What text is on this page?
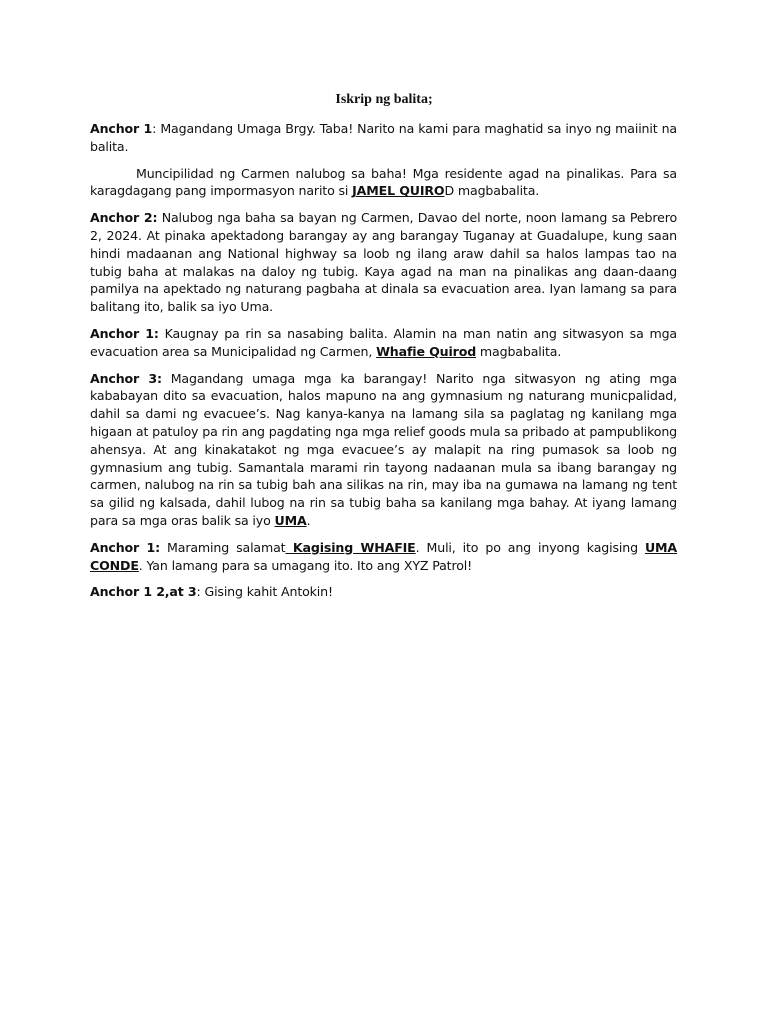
Iskrip ng balita;

Anchor 1: Magandang Umaga Brgy. Taba! Narito na kami para maghatid sa inyo ng maiinit na balita.

Muncipilidad ng Carmen nalubog sa baha! Mga residente agad na pinalikas. Para sa karagdagang pang impormasyon narito si JAMEL QUIROD magbabalita.

Anchor 2: Nalubog nga baha sa bayan ng Carmen, Davao del norte, noon lamang sa Pebrero 2, 2024. At pinaka apektadong barangay ay ang barangay Tuganay at Guadalupe, kung saan hindi madaanan ang National highway sa loob ng ilang araw dahil sa halos lampas tao na tubig baha at malakas na daloy ng tubig. Kaya agad na man na pinalikas ang daan-daang pamilya na apektado ng naturang pagbaha at dinala sa evacuation area. Iyan lamang sa para balitang ito, balik sa iyo Uma.

Anchor 1: Kaugnay pa rin sa nasabing balita. Alamin na man natin ang sitwasyon sa mga evacuation area sa Municipalidad ng Carmen, Whafie Quirod magbabalita.

Anchor 3: Magandang umaga mga ka barangay! Narito nga sitwasyon ng ating mga kababayan dito sa evacuation, halos mapuno na ang gymnasium ng naturang municpalidad, dahil sa dami ng evacuee’s. Nag kanya-kanya na lamang sila sa paglatag ng kanilang mga higaan at patuloy pa rin ang pagdating nga mga relief goods mula sa pribado at pampublikong ahensya. At ang kinakatakot ng mga evacuee’s ay malapit na ring pumasok sa loob ng gymnasium ang tubig. Samantala marami rin tayong nadaanan mula sa ibang barangay ng carmen, nalubog na rin sa tubig bah ana silikas na rin, may iba na gumawa na lamang ng tent sa gilid ng kalsada, dahil lubog na rin sa tubig baha sa kanilang mga bahay. At iyang lamang para sa mga oras balik sa iyo UMA.

Anchor 1: Maraming salamat Kagising WHAFIE. Muli, ito po ang inyong kagising UMA CONDE. Yan lamang para sa umagang ito. Ito ang XYZ Patrol!

Anchor 1 2,at 3: Gising kahit Antokin!
